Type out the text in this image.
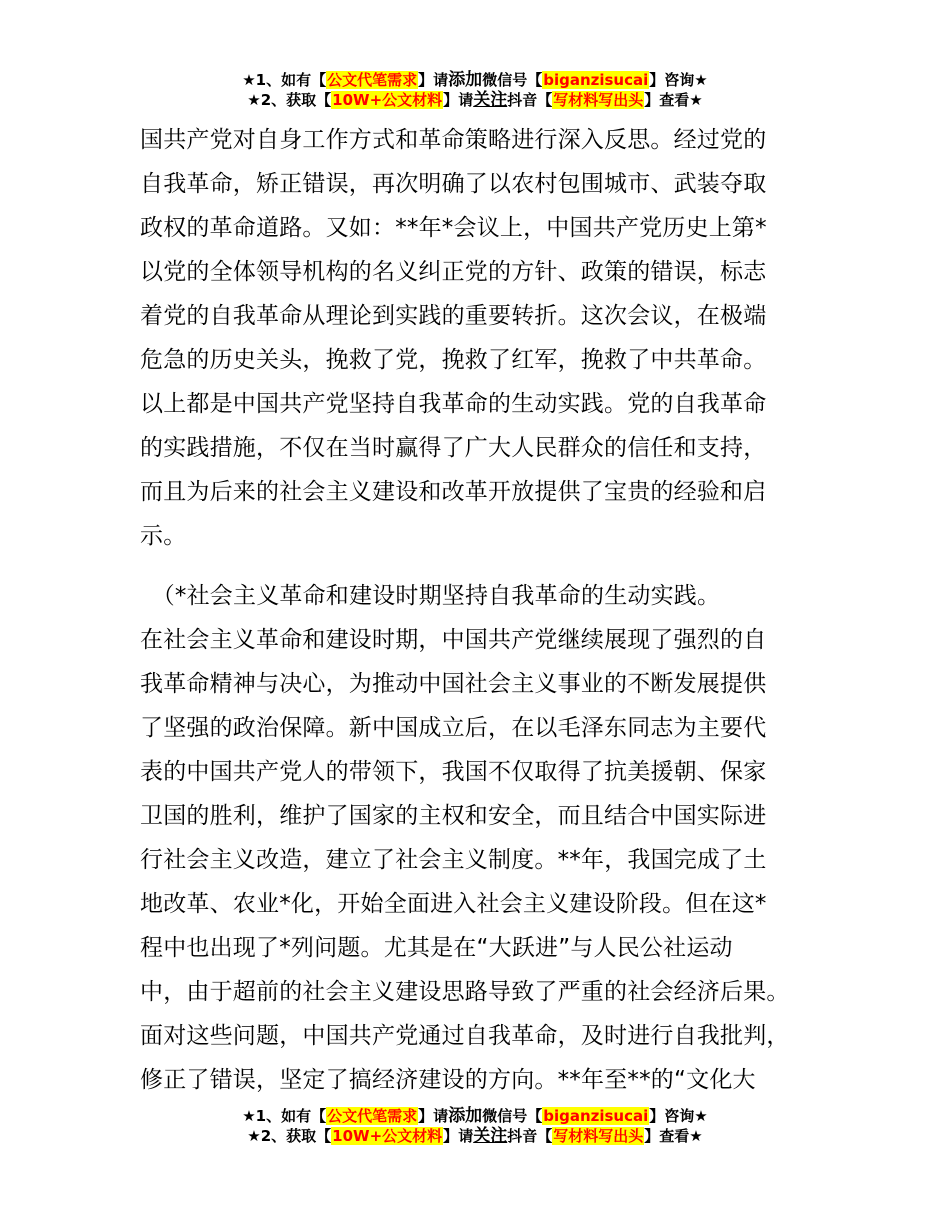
★1、如有【公文代笔需求】请添加微信号【biganzisucai】咨询★
★2、获取【10W+公文材料】请关注抖音【写材料写出头】查看★
国共产党对自身工作方式和革命策略进行深入反思。经过党的
自我革命，矫正错误，再次明确了以农村包围城市、武装夺取
政权的革命道路。又如：**年*会议上，中国共产党历史上第*
以党的全体领导机构的名义纠正党的方针、政策的错误，标志
着党的自我革命从理论到实践的重要转折。这次会议，在极端
危急的历史关头，挽救了党，挽救了红军，挽救了中共革命。
以上都是中国共产党坚持自我革命的生动实践。党的自我革命
的实践措施，不仅在当时赢得了广大人民群众的信任和支持，
而且为后来的社会主义建设和改革开放提供了宝贵的经验和启
示。
　（*社会主义革命和建设时期坚持自我革命的生动实践。
在社会主义革命和建设时期，中国共产党继续展现了强烈的自
我革命精神与决心，为推动中国社会主义事业的不断发展提供
了坚强的政治保障。新中国成立后，在以毛泽东同志为主要代
表的中国共产党人的带领下，我国不仅取得了抗美援朝、保家
卫国的胜利，维护了国家的主权和安全，而且结合中国实际进
行社会主义改造，建立了社会主义制度。**年，我国完成了土
地改革、农业*化，开始全面进入社会主义建设阶段。但在这*
程中也出现了*列问题。尤其是在“大跃进”与人民公社运动
中，由于超前的社会主义建设思路导致了严重的社会经济后果。
面对这些问题，中国共产党通过自我革命，及时进行自我批判，
修正了错误，坚定了搞经济建设的方向。**年至**的“文化大
★1、如有【公文代笔需求】请添加微信号【biganzisucai】咨询★
★2、获取【10W+公文材料】请关注抖音【写材料写出头】查看★
